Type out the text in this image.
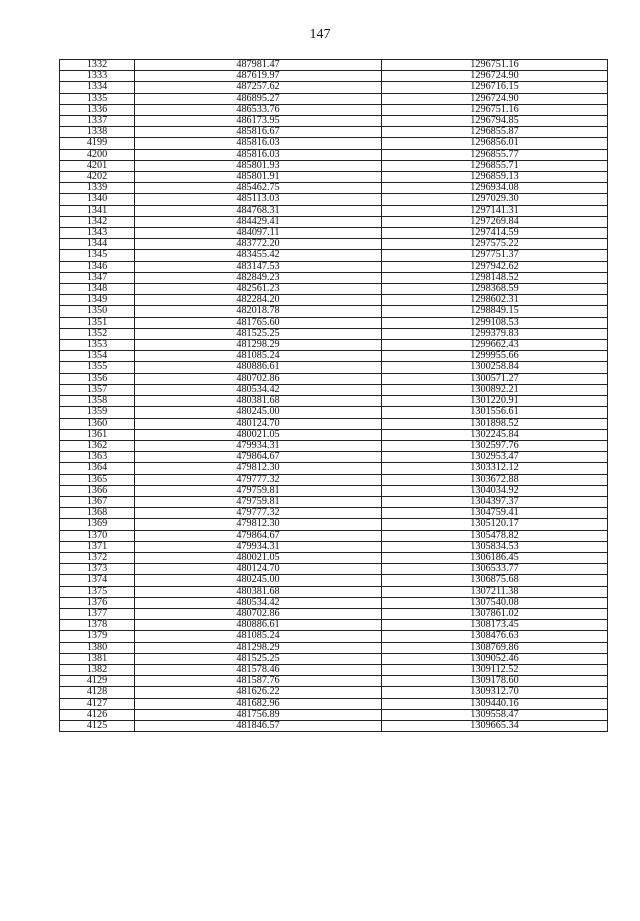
147
1332	487981.47	1296751.16
1333	487619.97	1296724.90
1334	487257.62	1296716.15
1335	486895.27	1296724.90
1336	486533.76	1296751.16
1337	486173.95	1296794.85
1338	485816.67	1296855.87
4199	485816.03	1296856.01
4200	485816.03	1296855.77
4201	485801.93	1296855.71
4202	485801.91	1296859.13
1339	485462.75	1296934.08
1340	485113.03	1297029.30
1341	484768.31	1297141.31
1342	484429.41	1297269.84
1343	484097.11	1297414.59
1344	483772.20	1297575.22
1345	483455.42	1297751.37
1346	483147.53	1297942.62
1347	482849.23	1298148.52
1348	482561.23	1298368.59
1349	482284.20	1298602.31
1350	482018.78	1298849.15
1351	481765.60	1299108.53
1352	481525.25	1299379.83
1353	481298.29	1299662.43
1354	481085.24	1299955.66
1355	480886.61	1300258.84
1356	480702.86	1300571.27
1357	480534.42	1300892.21
1358	480381.68	1301220.91
1359	480245.00	1301556.61
1360	480124.70	1301898.52
1361	480021.05	1302245.84
1362	479934.31	1302597.76
1363	479864.67	1302953.47
1364	479812.30	1303312.12
1365	479777.32	1303672.88
1366	479759.81	1304034.92
1367	479759.81	1304397.37
1368	479777.32	1304759.41
1369	479812.30	1305120.17
1370	479864.67	1305478.82
1371	479934.31	1305834.53
1372	480021.05	1306186.45
1373	480124.70	1306533.77
1374	480245.00	1306875.68
1375	480381.68	1307211.38
1376	480534.42	1307540.08
1377	480702.86	1307861.02
1378	480886.61	1308173.45
1379	481085.24	1308476.63
1380	481298.29	1308769.86
1381	481525.25	1309052.46
1382	481578.46	1309112.52
4129	481587.76	1309178.60
4128	481626.22	1309312.70
4127	481682.96	1309440.16
4126	481756.89	1309558.47
4125	481846.57	1309665.34
